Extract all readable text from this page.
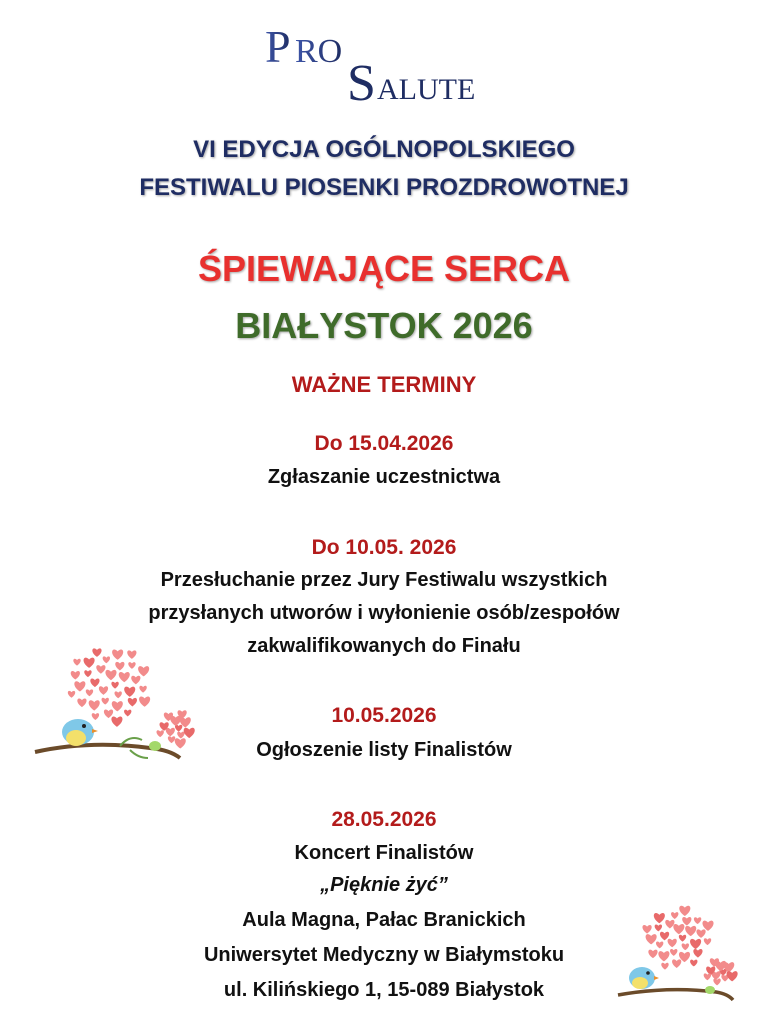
P RO
S ALUTE
VI EDYCJA OGÓLNOPOLSKIEGO
FESTIWALU PIOSENKI PROZDROWOTNEJ
ŚPIEWAJĄCE SERCA
BIAŁYSTOK 2026
WAŻNE TERMINY
Do 15.04.2026
Zgłaszanie uczestnictwa
Do 10.05. 2026
Przesłuchanie przez Jury Festiwalu wszystkich
przysłanych utworów i wyłonienie osób/zespołów
zakwalifikowanych do Finału
10.05.2026
Ogłoszenie listy Finalistów
28.05.2026
Koncert Finalistów
„Pięknie żyć”
Aula Magna, Pałac Branickich
Uniwersytet Medyczny w Białymstoku
ul. Kilińskiego 1, 15-089 Białystok
